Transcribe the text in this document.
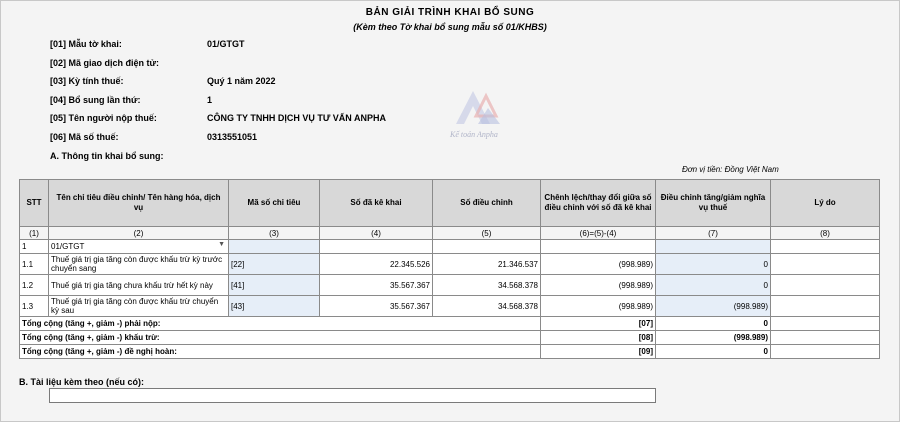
BẢN GIẢI TRÌNH KHAI BỔ SUNG
(Kèm theo Tờ khai bổ sung mẫu số 01/KHBS)
[01] Mẫu tờ khai:	01/GTGT
[02] Mã giao dịch điện tử:
[03] Kỳ tính thuế:	Quý 1 năm 2022
[04] Bổ sung lần thứ:	1
[05] Tên người nộp thuế:	CÔNG TY TNHH DỊCH VỤ TƯ VẤN ANPHA
[06] Mã số thuế:	0313551051
A. Thông tin khai bổ sung:
Kế toán Anpha
Đơn vị tiền: Đồng Việt Nam
STT	Tên chỉ tiêu điều chỉnh/ Tên hàng hóa, dịch vụ	Mã số chỉ tiêu	Số đã kê khai	Số điều chỉnh	Chênh lệch/thay đổi giữa số điều chỉnh với số đã kê khai	Điều chỉnh tăng/giảm nghĩa vụ thuế	Lý do
(1)	(2)	(3)	(4)	(5)	(6)=(5)-(4)	(7)	(8)
1	01/GTGT ▼						

1.1	Thuế giá trị gia tăng còn được khấu trừ kỳ trước chuyển sang	[22]	22.345.526	21.346.537	(998.989)	0	
1.2	Thuế giá trị gia tăng chưa khấu trừ hết kỳ này	[41]	35.567.367	34.568.378	(998.989)	0	
1.3	Thuế giá trị gia tăng còn được khấu trừ chuyển kỳ sau	[43]	35.567.367	34.568.378	(998.989)	(998.989)	
Tổng cộng (tăng +, giảm -) phải nộp:					[07]	0	
Tổng cộng (tăng +, giảm -) khấu trừ:					[08]	(998.989)	
Tổng cộng (tăng +, giảm -) đề nghị hoàn:					[09]	0	
B. Tài liệu kèm theo (nếu có):
